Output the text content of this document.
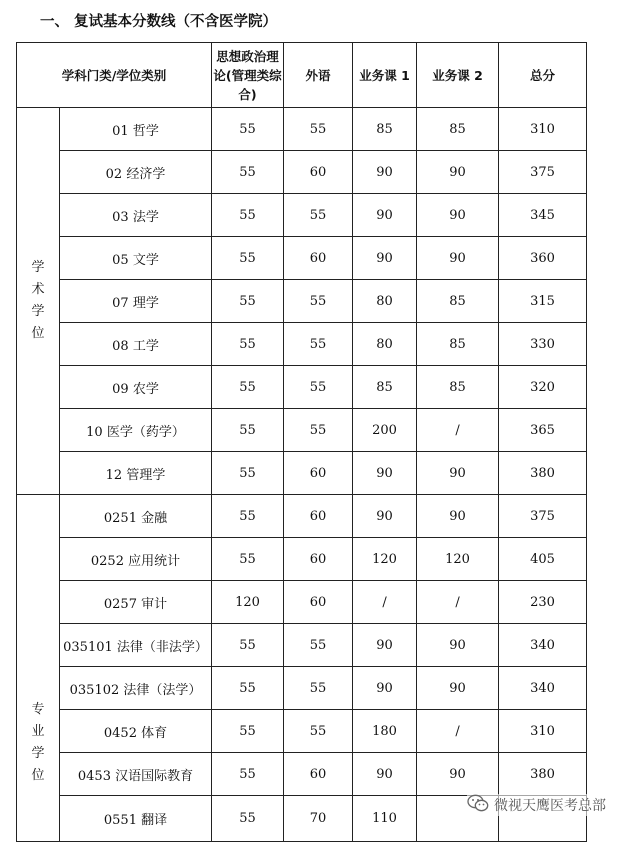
一、 复试基本分数线（不含医学院）
学科门类/学位类别		思想政治理论(管理类综合)	外语	业务课 1	业务课 2	总分
学术学位	01 哲学	55	55	85	85	310
	02 经济学	55	60	90	90	375
	03 法学	55	55	90	90	345
	05 文学	55	60	90	90	360
	07 理学	55	55	80	85	315
	08 工学	55	55	80	85	330
	09 农学	55	55	85	85	320
	10 医学（药学）	55	55	200	/	365
	12 管理学	55	60	90	90	380
专业学位	0251 金融	55	60	90	90	375
	0252 应用统计	55	60	120	120	405
	0257 审计	120	60	/	/	230
	035101 法律（非法学）	55	55	90	90	340
	035102 法律（法学）	55	55	90	90	340
	0452 体育	55	55	180	/	310
	0453 汉语国际教育	55	60	90	90	380
	0551 翻译	55	70	110		
微视天鹰医考总部
